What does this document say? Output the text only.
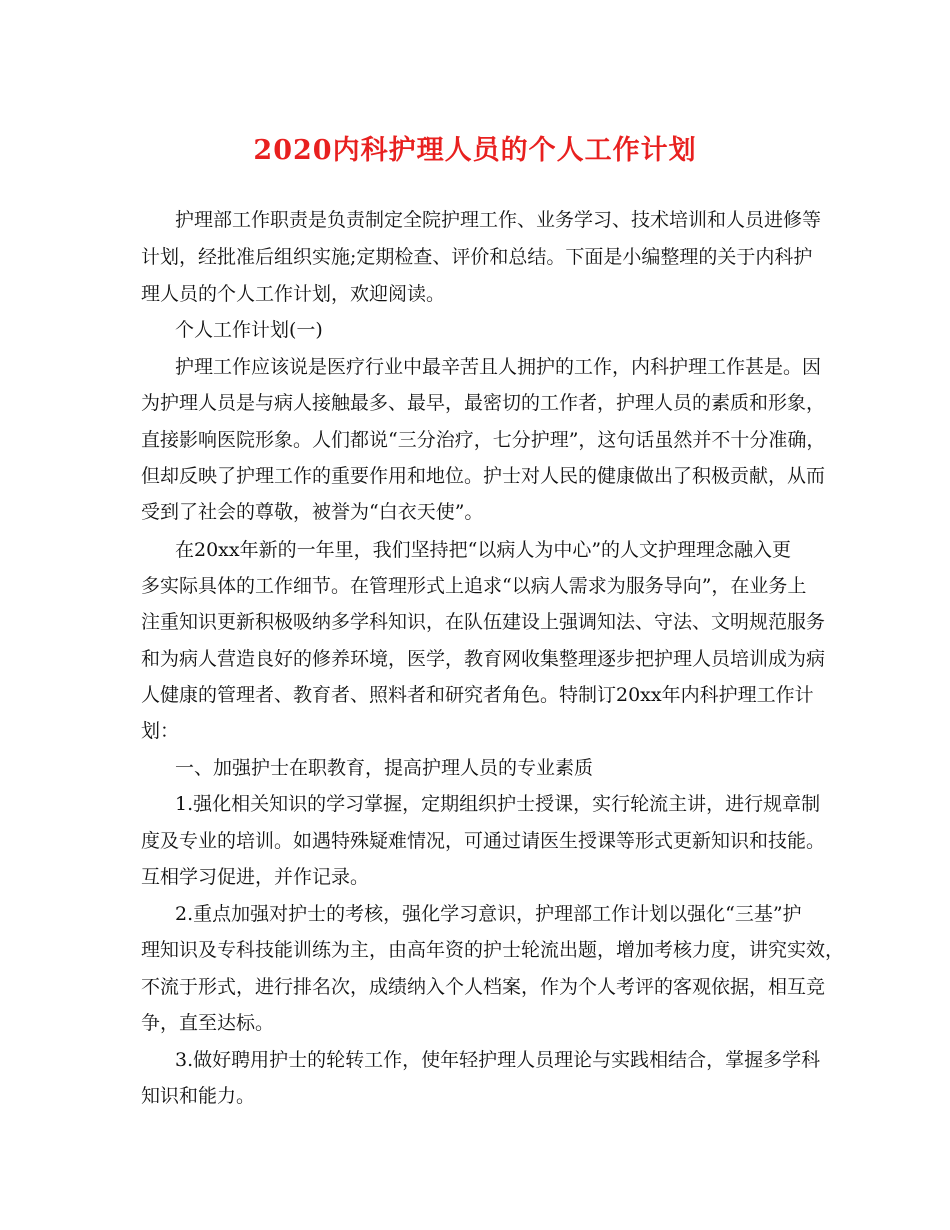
2020内科护理人员的个人工作计划
护理部工作职责是负责制定全院护理工作、业务学习、技术培训和人员进修等
计划，经批准后组织实施;定期检查、评价和总结。下面是小编整理的关于内科护
理人员的个人工作计划，欢迎阅读。
个人工作计划(一)
护理工作应该说是医疗行业中最辛苦且人拥护的工作，内科护理工作甚是。因
为护理人员是与病人接触最多、最早，最密切的工作者，护理人员的素质和形象，
直接影响医院形象。人们都说“三分治疗，七分护理”，这句话虽然并不十分准确，
但却反映了护理工作的重要作用和地位。护士对人民的健康做出了积极贡献，从而
受到了社会的尊敬，被誉为“白衣天使”。
在20xx年新的一年里，我们坚持把“以病人为中心”的人文护理理念融入更
多实际具体的工作细节。在管理形式上追求“以病人需求为服务导向”，在业务上
注重知识更新积极吸纳多学科知识，在队伍建设上强调知法、守法、文明规范服务
和为病人营造良好的修养环境，医学，教育网收集整理逐步把护理人员培训成为病
人健康的管理者、教育者、照料者和研究者角色。特制订20xx年内科护理工作计
划：
一、加强护士在职教育，提高护理人员的专业素质
1.强化相关知识的学习掌握，定期组织护士授课，实行轮流主讲，进行规章制
度及专业的培训。如遇特殊疑难情况，可通过请医生授课等形式更新知识和技能。
互相学习促进，并作记录。
2.重点加强对护士的考核，强化学习意识，护理部工作计划以强化“三基”护
理知识及专科技能训练为主，由高年资的护士轮流出题，增加考核力度，讲究实效，
不流于形式，进行排名次，成绩纳入个人档案，作为个人考评的客观依据，相互竞
争，直至达标。
3.做好聘用护士的轮转工作，使年轻护理人员理论与实践相结合，掌握多学科
知识和能力。
